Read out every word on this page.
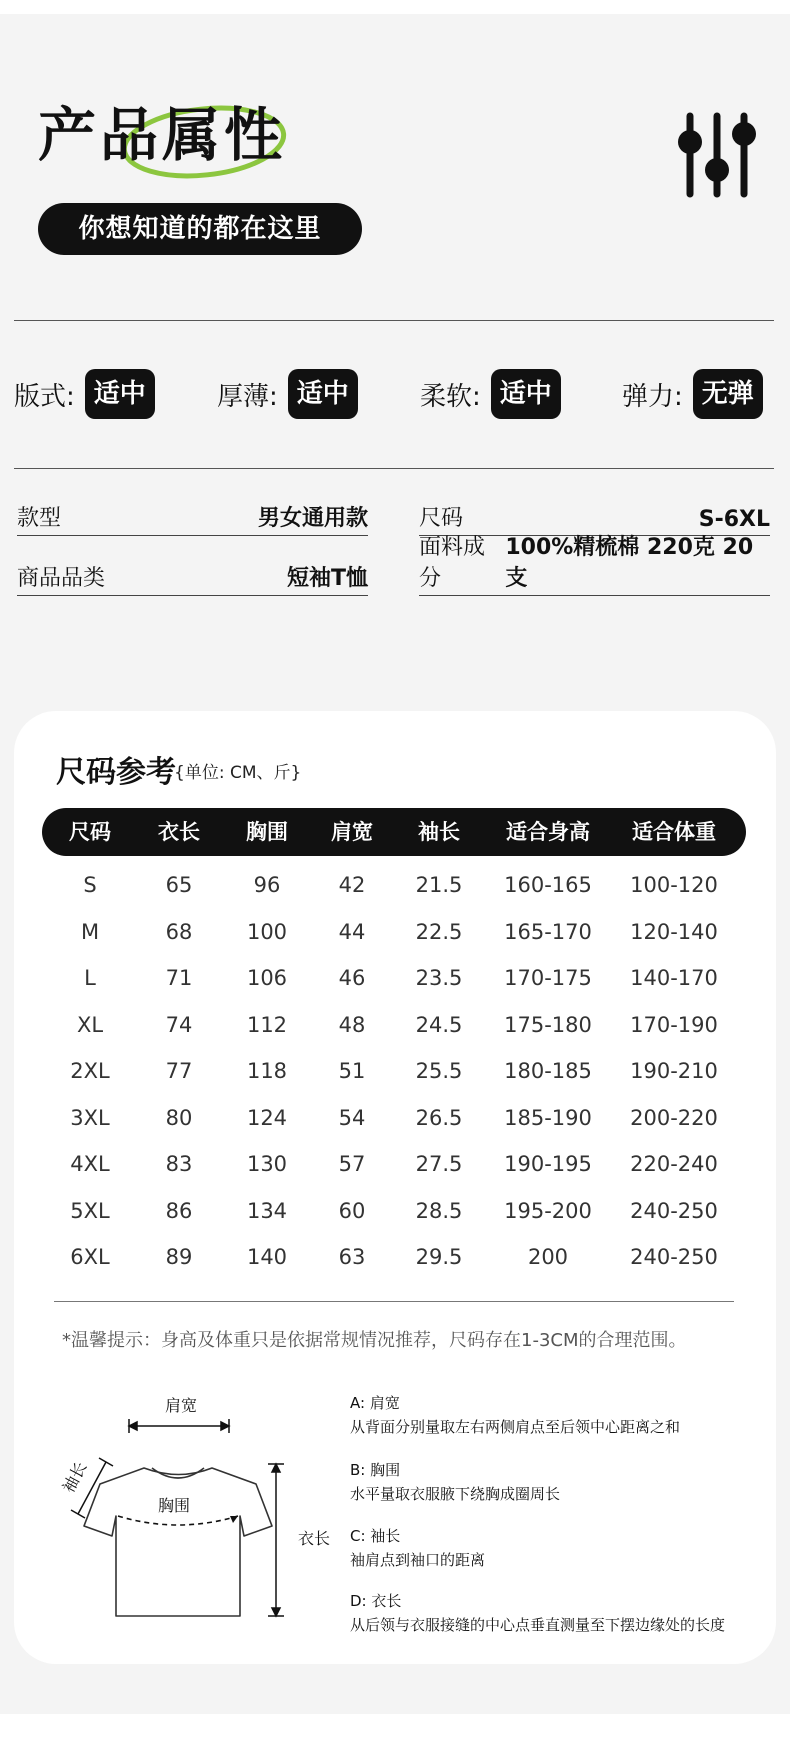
产品属性
你想知道的都在这里
版式: 适中	厚薄: 适中	柔软: 适中	弹力: 无弹
款型	男女通用款 尺码	S-6XL
商品品类	短袖T恤
面料成分
100%精梳棉 220克 20支
尺码参考
{单位: CM、斤}
尺码 衣长 胸围 肩宽 袖长 适合身高 适合体重
S	65	96	42 21.5 160-165 100-120
M	68	100 44 22.5 165-170 120-140
L	71	106 46 23.5 170-175 140-170
XL	74	112 48 24.5 175-180 170-190
2XL	77	118 51 25.5 180-185 190-210
3XL	80	124 54 26.5 185-190 200-220
4XL	83	130 57 27.5 190-195 220-240
5XL	86	134 60 28.5 195-200 240-250
6XL	89	140 63 29.5	200	240-250
*温馨提示：身高及体重只是依据常规情况推荐，尺码存在1-3CM的合理范围。
肩宽
胸围
衣长
袖长
A: 肩宽
从背面分别量取左右两侧肩点至后领中心距离之和
B: 胸围
水平量取衣服腋下绕胸成圈周长
C: 袖长
袖肩点到袖口的距离
D: 衣长
从后领与衣服接缝的中心点垂直测量至下摆边缘处的长度
